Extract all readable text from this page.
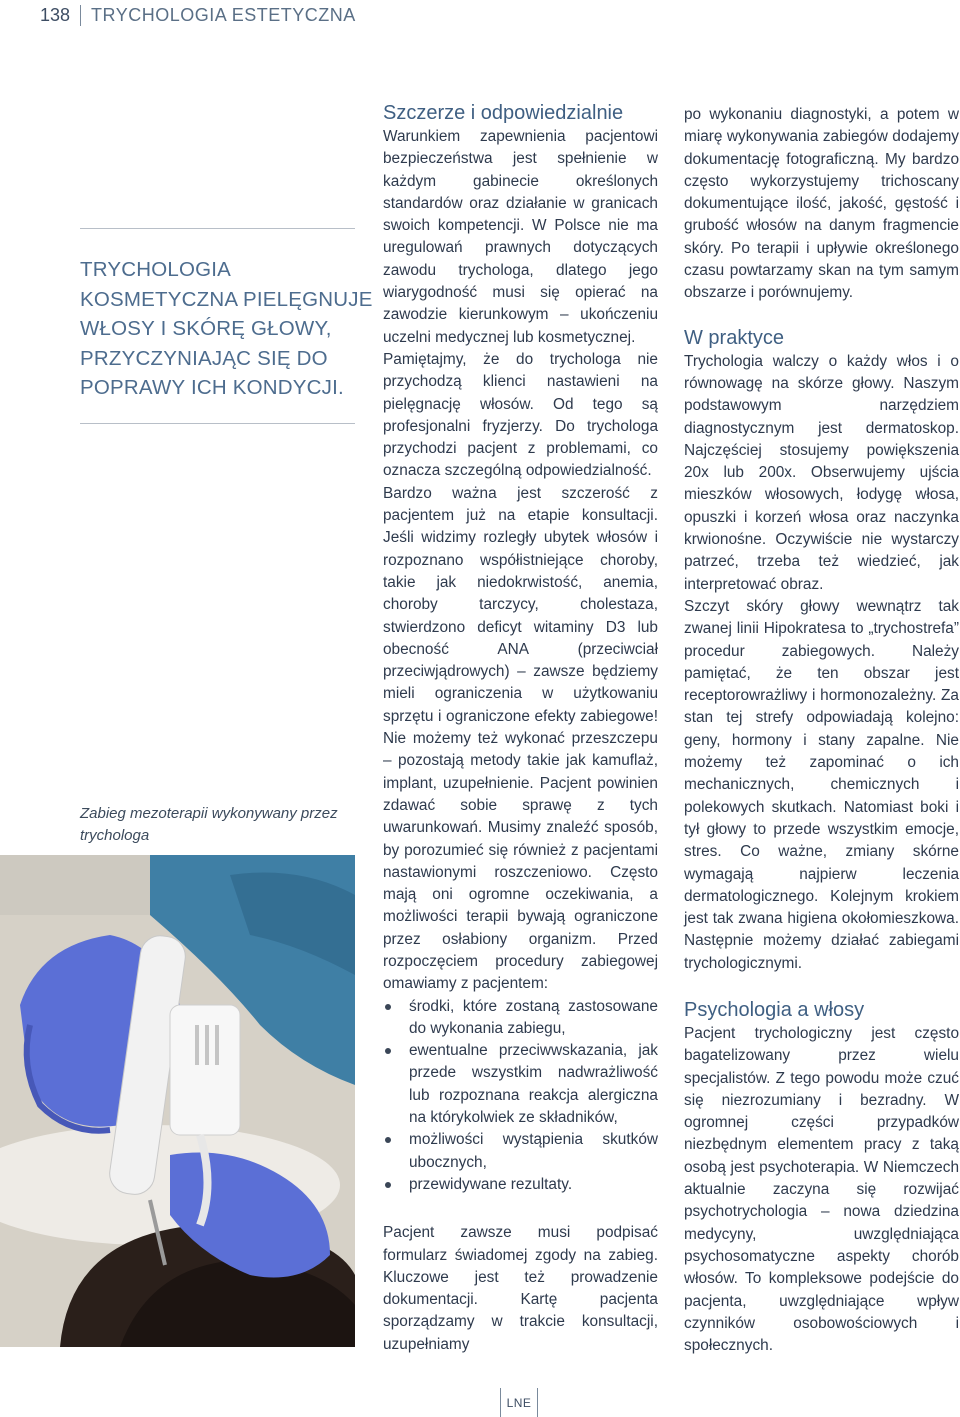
138	TRYCHOLOGIA ESTETYCZNA
TRYCHOLOGIA
KOSMETYCZNA PIELĘGNUJE
WŁOSY I SKÓRĘ GŁOWY,
PRZYCZYNIAJĄC SIĘ DO
POPRAWY ICH KONDYCJI.
Zabieg mezoterapii wykonywany przez trychologa
Szczerze i odpowiedzialnie

Warunkiem zapewnienia pacjentowi bezpieczeństwa jest spełnienie w każdym gabinecie określonych standardów oraz działanie w granicach swoich kompetencji. W Polsce nie ma uregulowań prawnych dotyczących zawodu trychologa, dlatego jego wiarygodność musi się opierać na zawodzie kierunkowym – ukończeniu uczelni medycznej lub kosmetycznej.

Pamiętajmy, że do trychologa nie przychodzą klienci nastawieni na pielęgnację włosów. Od tego są profesjonalni fryzjerzy. Do trychologa przychodzi pacjent z problemami, co oznacza szczególną odpowiedzialność.

Bardzo ważna jest szczerość z pacjentem już na etapie konsultacji. Jeśli widzimy rozległy ubytek włosów i rozpoznano współistniejące choroby, takie jak niedokrwistość, anemia, choroby tarczycy, cholestaza, stwierdzono deficyt witaminy D3 lub obecność ANA (przeciwciał przeciwjądrowych) – zawsze będziemy mieli ograniczenia w użytkowaniu sprzętu i ograniczone efekty zabiegowe! Nie możemy też wykonać przeszczepu – pozostają metody takie jak kamuflaż, implant, uzupełnienie. Pacjent powinien zdawać sobie sprawę z tych uwarunkowań. Musimy znaleźć sposób, by porozumieć się również z pacjentami nastawionymi roszczeniowo. Często mają oni ogromne oczekiwania, a możliwości terapii bywają ograniczone przez osłabiony organizm. Przed rozpoczęciem procedury zabiegowej omawiamy z pacjentem:

środki, które zostaną zastosowane do wykonania zabiegu,
ewentualne przeciwwskazania, jak przede wszystkim nadwrażliwość lub rozpoznana reakcja alergiczna na którykolwiek ze składników,
możliwości wystąpienia skutków ubocznych,
przewidywane rezultaty.

Pacjent zawsze musi podpisać formularz świadomej zgody na zabieg. Kluczowe jest też prowadzenie dokumentacji. Kartę pacjenta sporządzamy w trakcie konsultacji, uzupełniamy

po wykonaniu diagnostyki, a potem w miarę wykonywania zabiegów dodajemy dokumentację fotograficzną. My bardzo często wykorzystujemy trichoscany dokumentujące ilość, jakość, gęstość i grubość włosów na danym fragmencie skóry. Po terapii i upływie określonego czasu powtarzamy skan na tym samym obszarze i porównujemy.

W praktyce

Trychologia walczy o każdy włos i o równowagę na skórze głowy. Naszym podstawowym narzędziem diagnostycznym jest dermatoskop. Najczęściej stosujemy powiększenia 20x lub 200x. Obserwujemy ujścia mieszków włosowych, łodygę włosa, opuszki i korzeń włosa oraz naczynka krwionośne. Oczywiście nie wystarczy patrzeć, trzeba też wiedzieć, jak interpretować obraz.

Szczyt skóry głowy wewnątrz tak zwanej linii Hipokratesa to „trychostrefa” procedur zabiegowych. Należy pamiętać, że ten obszar jest receptorowrażliwy i hormonozależny. Za stan tej strefy odpowiadają kolejno: geny, hormony i stany zapalne. Nie możemy też zapominać o ich mechanicznych, chemicznych i polekowych skutkach. Natomiast boki i tył głowy to przede wszystkim emocje, stres. Co ważne, zmiany skórne wymagają najpierw leczenia dermatologicznego. Kolejnym krokiem jest tak zwana higiena okołomieszkowa. Następnie możemy działać zabiegami trychologicznymi.

Psychologia a włosy

Pacjent trychologiczny jest często bagatelizowany przez wielu specjalistów. Z tego powodu może czuć się niezrozumiany i bezradny. W ogromnej części przypadków niezbędnym elementem pracy z taką osobą jest psychoterapia. W Niemczech aktualnie zaczyna się rozwijać psychotrychologia – nowa dziedzina medycyny, uwzględniająca psychosomatyczne aspekty chorób włosów. To kompleksowe podejście do pacjenta, uwzględniające wpływ czynników osobowościowych i społecznych.

LNE
